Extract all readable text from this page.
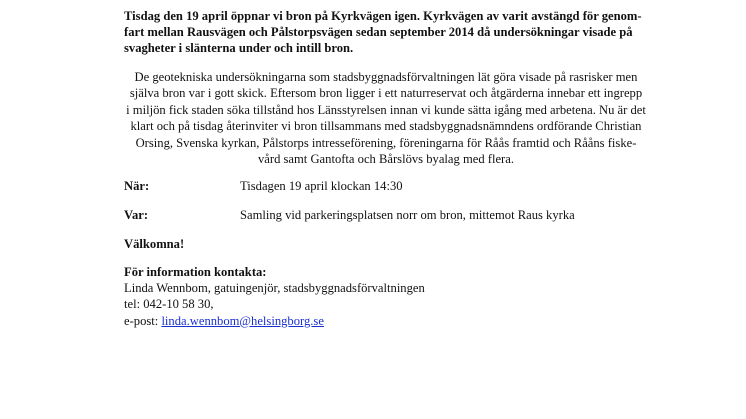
Tisdag den 19 april öppnar vi bron på Kyrkvägen igen. Kyrkvägen av varit avstängd för genom-
fart mellan Rausvägen och Pålstorpsvägen sedan september 2014 då undersökningar visade på
svagheter i slänterna under och intill bron.
De geotekniska undersökningarna som stadsbyggnadsförvaltningen lät göra visade på rasrisker men
själva bron var i gott skick. Eftersom bron ligger i ett naturreservat och åtgärderna innebar ett ingrepp
i miljön fick staden söka tillstånd hos Länsstyrelsen innan vi kunde sätta igång med arbetena. Nu är det
klart och på tisdag återinviter vi bron tillsammans med stadsbyggnadsnämndens ordförande Christian
Orsing, Svenska kyrkan, Pålstorps intresseförening, föreningarna för Råås framtid och Rååns fiske-
vård samt Gantofta och Bårslövs byalag med flera.
När:	Tisdagen 19 april klockan 14:30
Var:	Samling vid parkeringsplatsen norr om bron, mittemot Raus kyrka
Välkomna!
För information kontakta:
Linda Wennbom, gatuingenjör, stadsbyggnadsförvaltningen
tel: 042-10 58 30,
e-post: linda.wennbom@helsingborg.se
